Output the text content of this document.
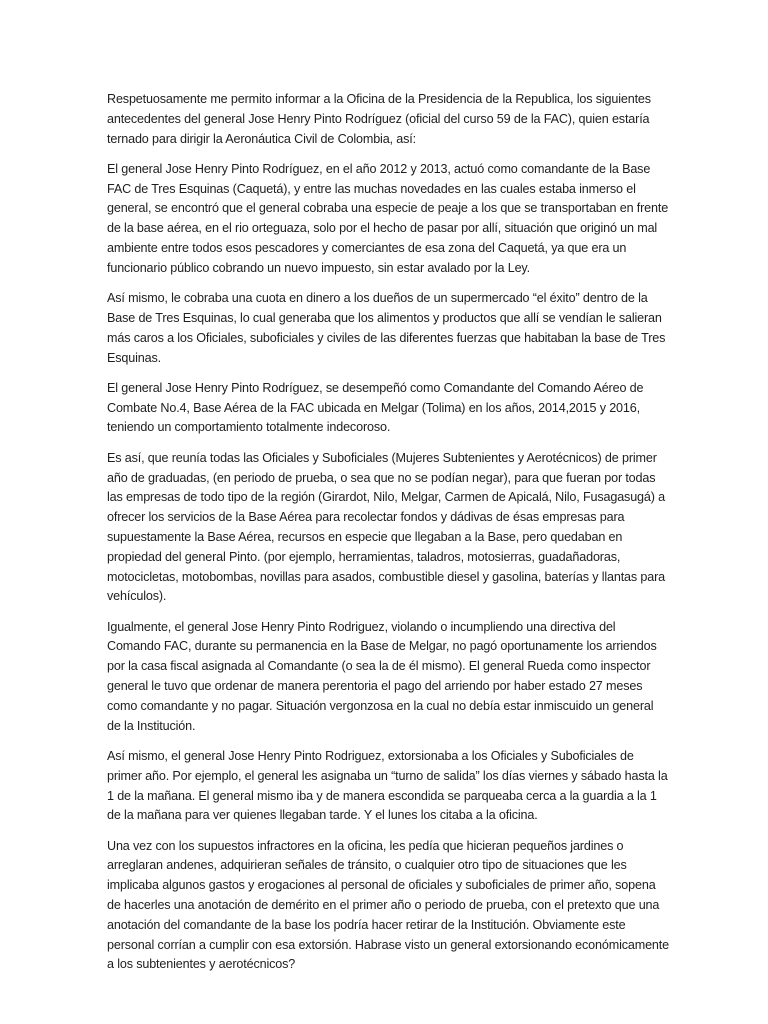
Respetuosamente me permito informar a la Oficina de la Presidencia de la Republica, los siguientes antecedentes del general Jose Henry Pinto Rodríguez (oficial del curso 59 de la FAC), quien estaría ternado para dirigir la Aeronáutica Civil de Colombia, así:

El general Jose Henry Pinto Rodríguez, en el año 2012 y 2013, actuó como comandante de la Base FAC de Tres Esquinas (Caquetá), y entre las muchas novedades en las cuales estaba inmerso el general, se encontró que el general cobraba una especie de peaje a los que se transportaban en frente de la base aérea, en el rio orteguaza, solo por el hecho de pasar por allí, situación que originó un mal ambiente entre todos esos pescadores y comerciantes de esa zona del Caquetá, ya que era un funcionario público cobrando un nuevo impuesto, sin estar avalado por la Ley.

Así mismo, le cobraba una cuota en dinero a los dueños de un supermercado “el éxito” dentro de la Base de Tres Esquinas, lo cual generaba que los alimentos y productos que allí se vendían le salieran más caros a los Oficiales, suboficiales y civiles de las diferentes fuerzas que habitaban la base de Tres Esquinas.

El general Jose Henry Pinto Rodríguez, se desempeñó como Comandante del Comando Aéreo de Combate No.4, Base Aérea de la FAC ubicada en Melgar (Tolima) en los años, 2014,2015 y 2016, teniendo un comportamiento totalmente indecoroso.

Es así, que reunía todas las Oficiales y Suboficiales (Mujeres Subtenientes y Aerotécnicos) de primer año de graduadas, (en periodo de prueba, o sea que no se podían negar), para que fueran por todas las empresas de todo tipo de la región (Girardot, Nilo, Melgar, Carmen de Apicalá, Nilo, Fusagasugá) a ofrecer los servicios de la Base Aérea para recolectar fondos y dádivas de ésas empresas para supuestamente la Base Aérea, recursos en especie que llegaban a la Base, pero quedaban en propiedad del general Pinto. (por ejemplo, herramientas, taladros, motosierras, guadañadoras, motocicletas, motobombas, novillas para asados, combustible diesel y gasolina, baterías y llantas para vehículos).

Igualmente, el general Jose Henry Pinto Rodriguez, violando o incumpliendo una directiva del Comando FAC, durante su permanencia en la Base de Melgar, no pagó oportunamente los arriendos por la casa fiscal asignada al Comandante (o sea la de él mismo). El general Rueda como inspector general le tuvo que ordenar de manera perentoria el pago del arriendo por haber estado 27 meses como comandante y no pagar. Situación vergonzosa en la cual no debía estar inmiscuido un general de la Institución.

Así mismo, el general Jose Henry Pinto Rodriguez, extorsionaba a los Oficiales y Suboficiales de primer año. Por ejemplo, el general les asignaba un “turno de salida” los días viernes y sábado hasta la 1 de la mañana. El general mismo iba y de manera escondida se parqueaba cerca a la guardia a la 1 de la mañana para ver quienes llegaban tarde. Y el lunes los citaba a la oficina.

Una vez con los supuestos infractores en la oficina, les pedía que hicieran pequeños jardines o arreglaran andenes, adquirieran señales de tránsito, o cualquier otro tipo de situaciones que les implicaba algunos gastos y erogaciones al personal de oficiales y suboficiales de primer año, sopena de hacerles una anotación de demérito en el primer año o periodo de prueba, con el pretexto que una anotación del comandante de la base los podría hacer retirar de la Institución. Obviamente este personal corrían a cumplir con esa extorsión. Habrase visto un general extorsionando económicamente a los subtenientes y aerotécnicos?
